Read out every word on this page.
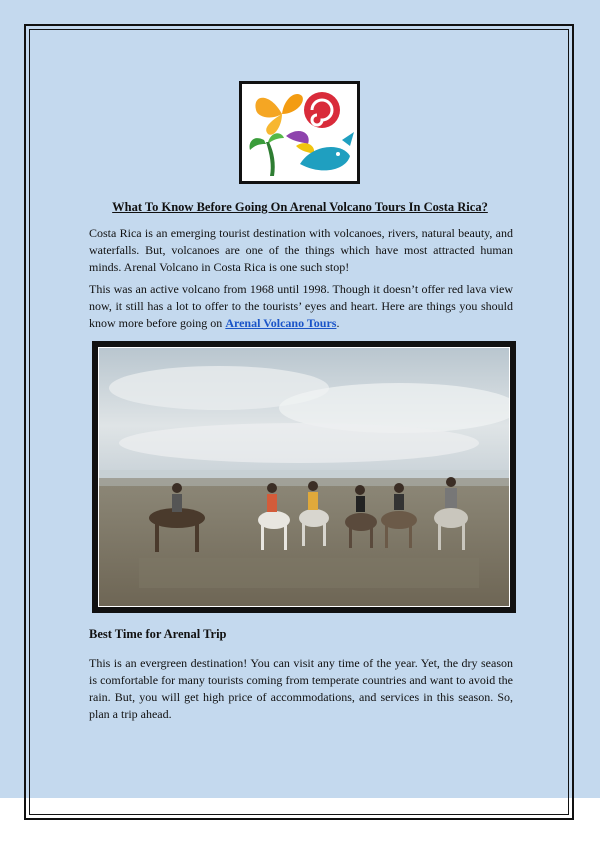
What To Know Before Going On Arenal Volcano Tours In Costa Rica?

Costa Rica is an emerging tourist destination with volcanoes, rivers, natural beauty, and waterfalls. But, volcanoes are one of the things which have most attracted human minds. Arenal Volcano in Costa Rica is one such stop!

This was an active volcano from 1968 until 1998. Though it doesn’t offer red lava view now, it still has a lot to offer to the tourists’ eyes and heart. Here are things you should know more before going on Arenal Volcano Tours.

Best Time for Arenal Trip

This is an evergreen destination! You can visit any time of the year. Yet, the dry season is comfortable for many tourists coming from temperate countries and want to avoid the rain. But, you will get high price of accommodations, and services in this season. So, plan a trip ahead.
